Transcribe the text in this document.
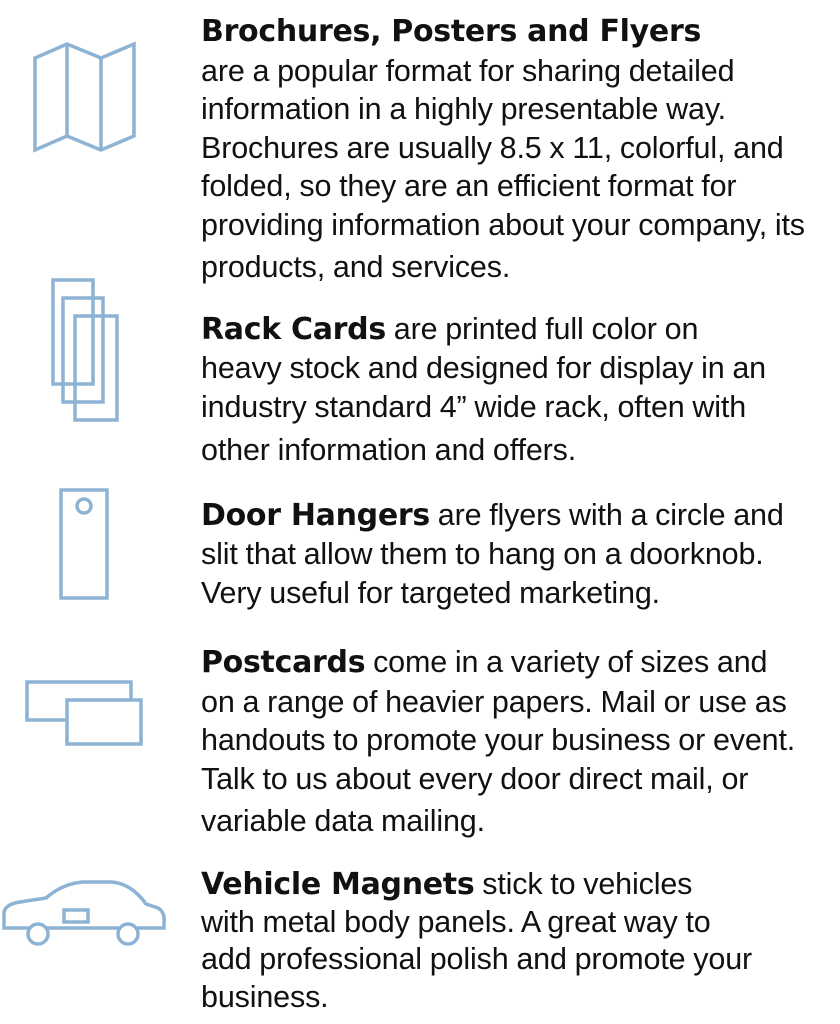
Brochures, Posters and Flyers
are a popular format for sharing detailed
information in a highly presentable way.
Brochures are usually 8.5 x 11, colorful, and
folded, so they are an efficient format for
providing information about your company, its
products, and services.
Rack Cards are printed full color on
heavy stock and designed for display in an
industry standard 4” wide rack, often with
other information and offers.
Door Hangers are flyers with a circle and
slit that allow them to hang on a doorknob.
Very useful for targeted marketing.
Postcards come in a variety of sizes and
on a range of heavier papers. Mail or use as
handouts to promote your business or event.
Talk to us about every door direct mail, or
variable data mailing.
Vehicle Magnets stick to vehicles
with metal body panels. A great way to
add professional polish and promote your
business.
